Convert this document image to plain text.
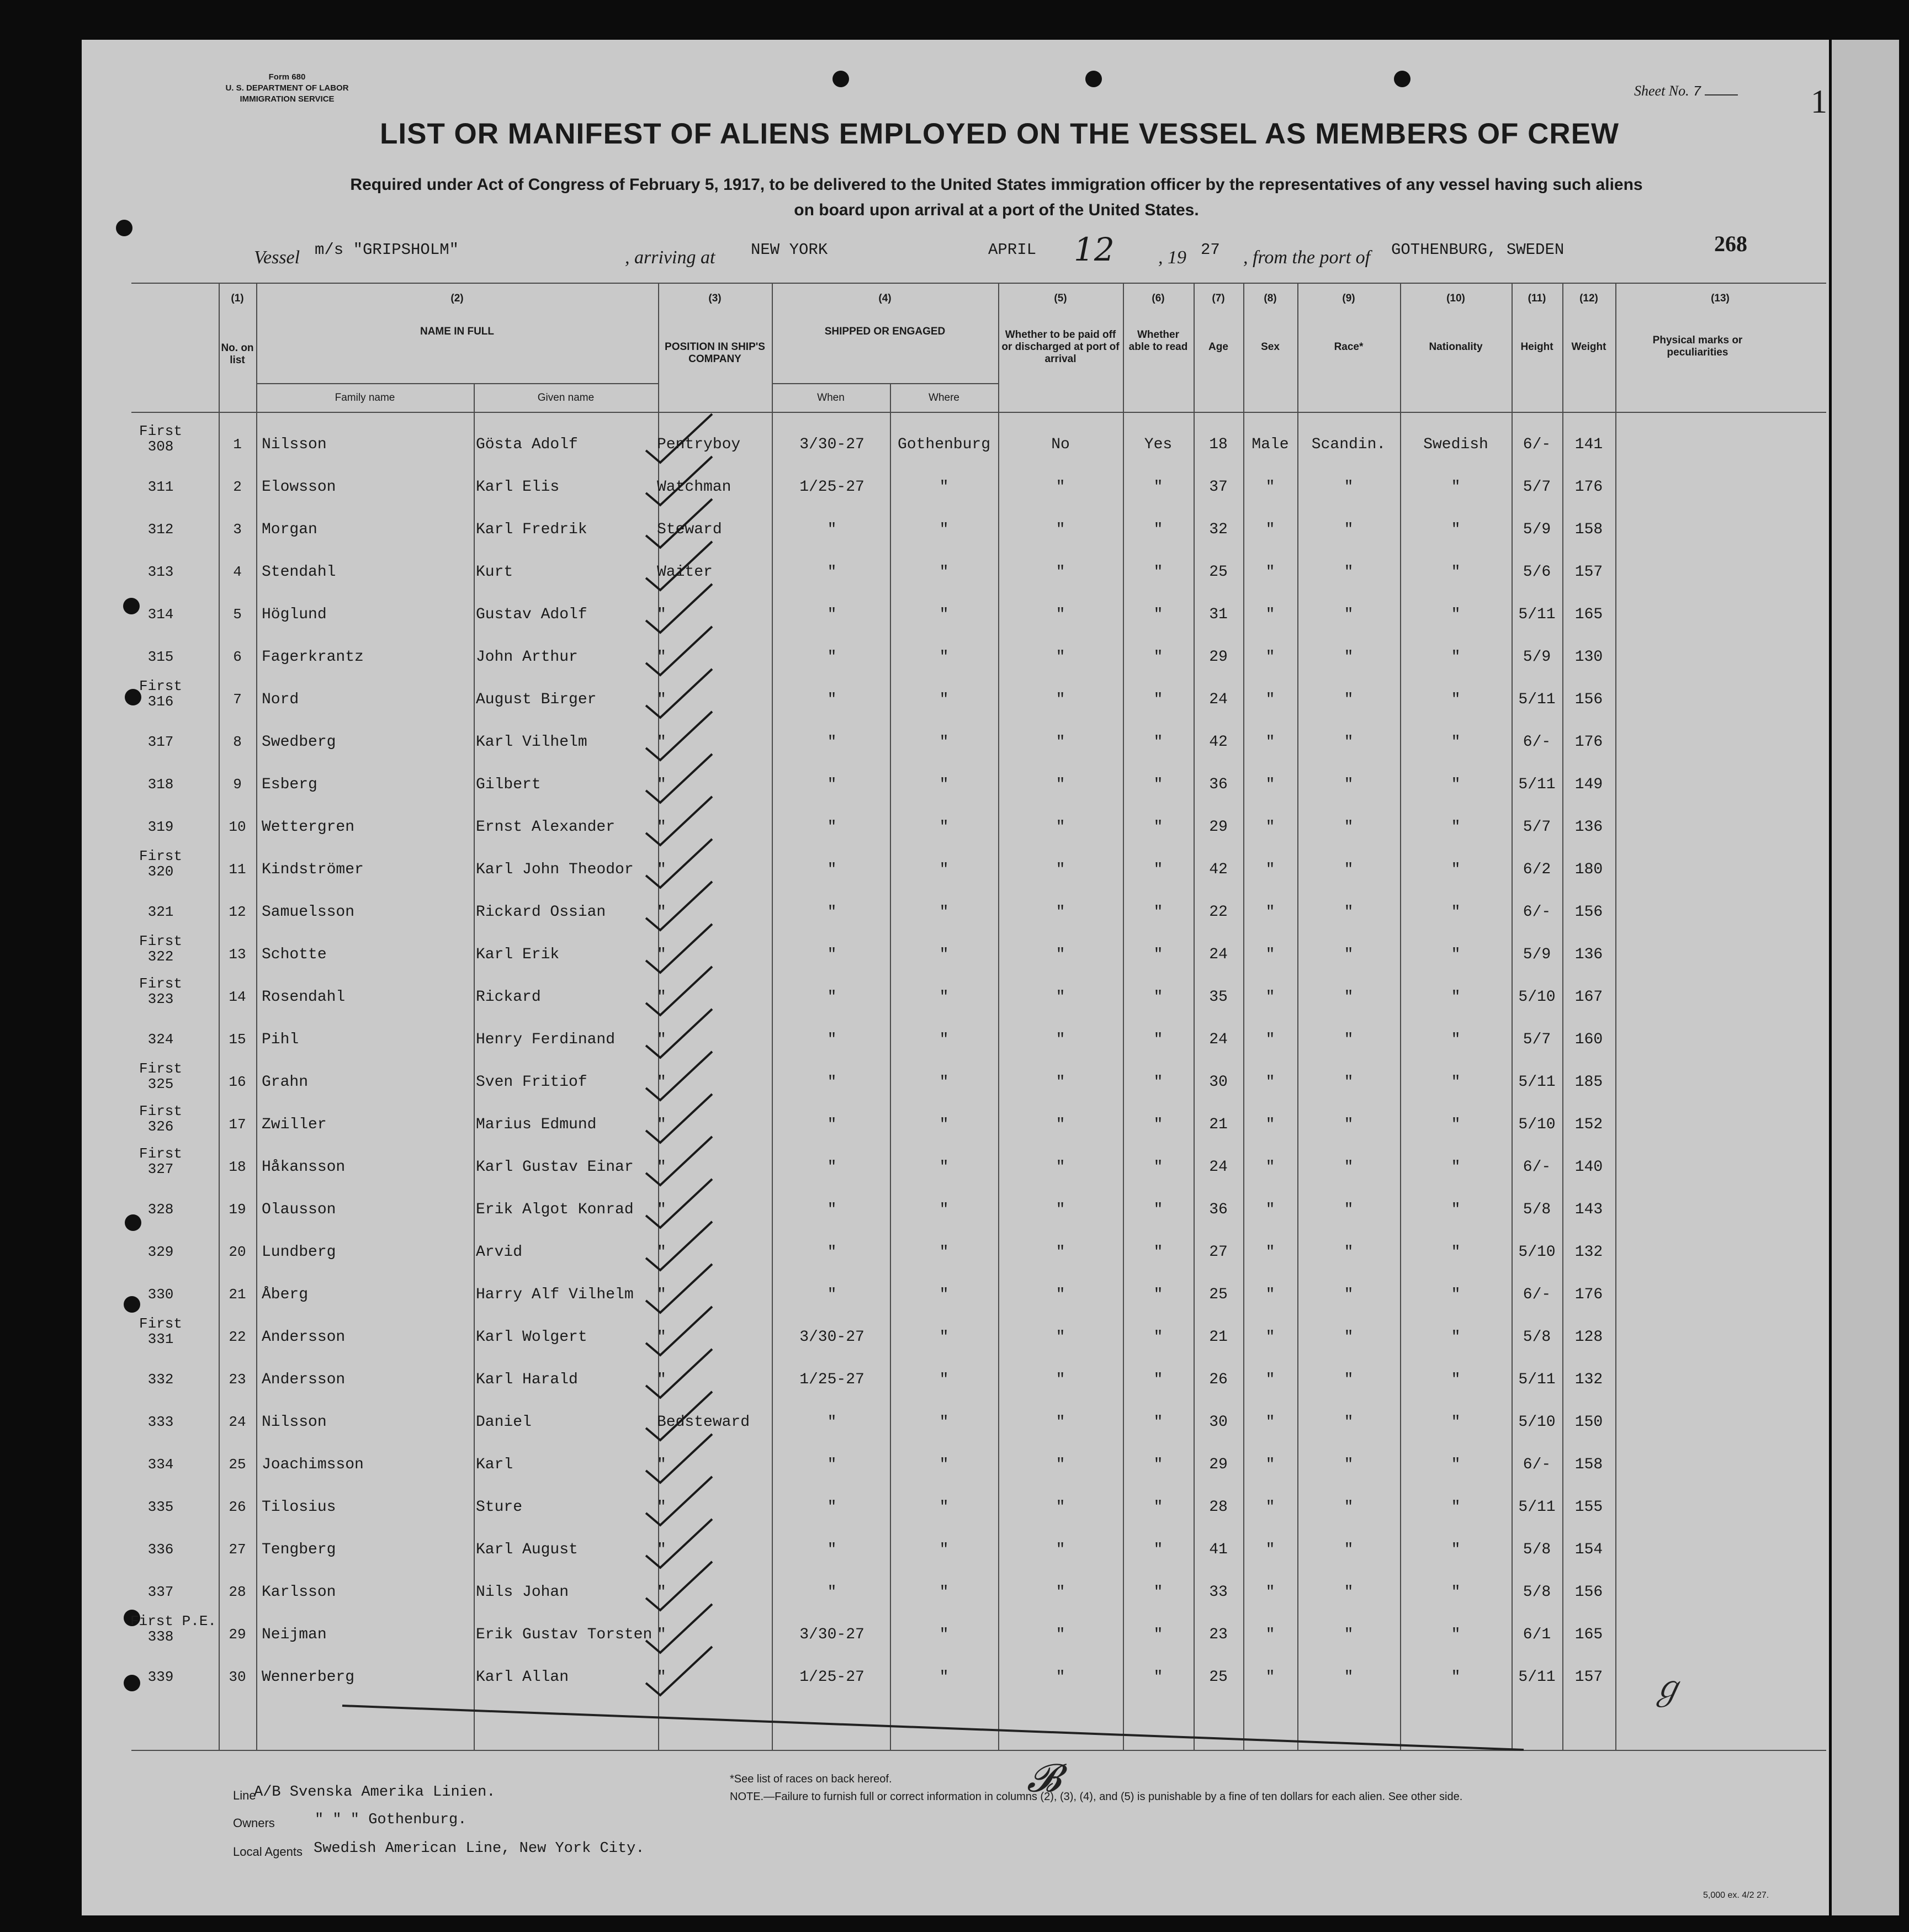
Form 680
U. S. DEPARTMENT OF LABOR
IMMIGRATION SERVICE
Sheet No. 7	1
LIST OR MANIFEST OF ALIENS EMPLOYED ON THE VESSEL AS MEMBERS OF CREW
Required under Act of Congress of February 5, 1917, to be delivered to the United States immigration officer by the representatives of any vessel having such aliens
on board upon arrival at a port of the United States.
Vessel m/s "GRIPSHOLM"	, arriving at NEW YORK	APRIL 12 , 19 27 , from the port of GOTHENBURG, SWEDEN	268
(1)	(2)	(3)	(4)	(5)	(6)	(7)	(8)	(9)	(10)	(11)	(12)	(13)
No. on list
NAME IN FULL
Family name	Given name
POSITION IN SHIP'S COMPANY
SHIPPED OR ENGAGED
When	Where
Whether to be paid off or discharged at port of arrival
Whether able to read	Age	Sex	Race*	Nationality	Height	Weight
Physical marks or peculiarities
First
308	1	Nilsson	Gösta Adolf	Pentryboy	3/30-27	Gothenburg	No	Yes	18	Male	Scandin.	Swedish	6/-	141
311	2	Elowsson	Karl Elis	Watchman	1/25-27	"	"	"	37	"	"	"	5/7	176
312	3	Morgan	Karl Fredrik	Steward	"	"	"	"	32	"	"	"	5/9	158
313	4	Stendahl	Kurt	Waiter	"	"	"	"	25	"	"	"	5/6	157
314	5	Höglund	Gustav Adolf	"	"	"	"	"	31	"	"	"	5/11	165
315	6	Fagerkrantz	John Arthur	"	"	"	"	"	29	"	"	"	5/9	130
First
316	7	Nord	August Birger	"	"	"	"	"	24	"	"	"	5/11	156
317	8	Swedberg	Karl Vilhelm	"	"	"	"	"	42	"	"	"	6/-	176
318	9	Esberg	Gilbert	"	"	"	"	"	36	"	"	"	5/11	149
319	10	Wettergren	Ernst Alexander	"	"	"	"	"	29	"	"	"	5/7	136
First
320	11	Kindströmer	Karl John Theodor	"	"	"	"	"	42	"	"	"	6/2	180
321	12	Samuelsson	Rickard Ossian	"	"	"	"	"	22	"	"	"	6/-	156
First
322	13	Schotte	Karl Erik	"	"	"	"	"	24	"	"	"	5/9	136
First
323	14	Rosendahl	Rickard	"	"	"	"	"	35	"	"	"	5/10	167
324	15	Pihl	Henry Ferdinand	"	"	"	"	"	24	"	"	"	5/7	160
First
325	16	Grahn	Sven Fritiof	"	"	"	"	"	30	"	"	"	5/11	185
First
326	17	Zwiller	Marius Edmund	"	"	"	"	"	21	"	"	"	5/10	152
First
327	18	Håkansson	Karl Gustav Einar	"	"	"	"	"	24	"	"	"	6/-	140
328	19	Olausson	Erik Algot Konrad	"	"	"	"	"	36	"	"	"	5/8	143
329	20	Lundberg	Arvid	"	"	"	"	"	27	"	"	"	5/10	132
330	21	Åberg	Harry Alf Vilhelm	"	"	"	"	"	25	"	"	"	6/-	176
First
331	22	Andersson	Karl Wolgert	"	3/30-27	"	"	"	21	"	"	"	5/8	128
332	23	Andersson	Karl Harald	"	1/25-27	"	"	"	26	"	"	"	5/11	132
333	24	Nilsson	Daniel	Bedsteward	"	"	"	"	30	"	"	"	5/10	150
334	25	Joachimsson	Karl	"	"	"	"	"	29	"	"	"	6/-	158
335	26	Tilosius	Sture	"	"	"	"	"	28	"	"	"	5/11	155
336	27	Tengberg	Karl August	"	"	"	"	"	41	"	"	"	5/8	154
337	28	Karlsson	Nils Johan	"	"	"	"	"	33	"	"	"	5/8	156
First P.E.
338	29	Neijman	Erik Gustav Torsten "	3/30-27	"	"	"	23	"	"	"	6/1	165
339	30	Wennerberg	Karl Allan	"	1/25-27	"	"	"	25	"	"	"	5/11	157	ℊ
𝓑
Line
A/B Svenska Amerika Linien.
Owners	" " " Gothenburg.
Local Agents Swedish American Line, New York City.
*See list of races on back hereof.
NOTE.—Failure to furnish full or correct information in columns (2), (3), (4), and (5) is punishable by a fine of ten dollars for each alien. See other side.
5,000 ex. 4/2 27.
